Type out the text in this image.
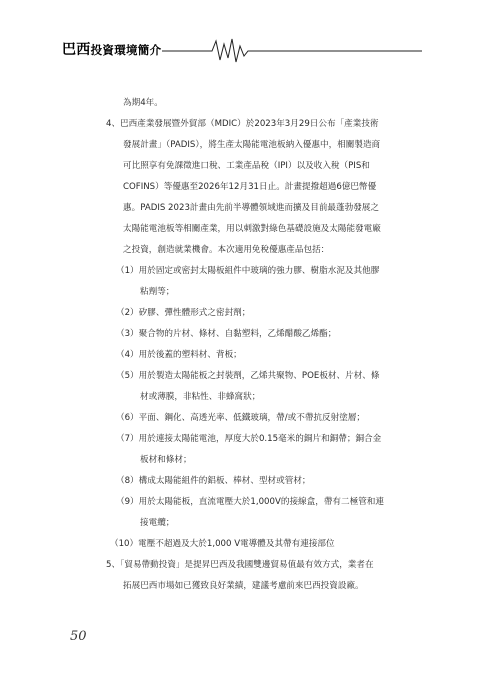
巴西投資環境簡介

為期4年。

4、巴西產業發展暨外貿部（MDIC）於2023年3月29日公布「產業技術

發展計畫」（PADIS），將生產太陽能電池板納入優惠中，相關製造商

可比照享有免課徵進口稅、工業產品稅（IPI）以及收入稅（PIS和

COFINS）等優惠至2026年12月31日止。計畫提撥超過6億巴幣優

惠。PADIS 2023計畫由先前半導體領域進而擴及目前最蓬勃發展之

太陽能電池板等相關產業，用以刺激對綠色基礎設施及太陽能發電廠

之投資，創造就業機會。本次適用免稅優惠產品包括：

（1）用於固定或密封太陽板組件中玻璃的強力膠、樹脂水泥及其他膠

粘劑等；

（2）矽膠、彈性體形式之密封劑；

（3）聚合物的片材、條材、自黏塑料，乙烯醋酸乙烯酯；

（4）用於後蓋的塑料材、背板；

（5）用於製造太陽能板之封裝劑，乙烯共聚物、POE板材、片材、條

材或薄膜，非粘性、非蜂窩狀；

（6）平面、鋼化、高透光率、低鐵玻璃，帶/或不帶抗反射塗層；

（7）用於連接太陽能電池，厚度大於0.15毫米的銅片和銅帶；銅合金

板材和條材；

（8）構成太陽能組件的鋁板、棒材、型材或管材；

（9）用於太陽能板，直流電壓大於1,000V的接線盒，帶有二極管和連

接電纜；

（10）電壓不超過及大於1,000 V電導體及其帶有連接部位

5、「貿易帶動投資」是提昇巴西及我國雙邊貿易值最有效方式，業者在

拓展巴西市場如已獲致良好業績，建議考慮前來巴西投資設廠。

50
